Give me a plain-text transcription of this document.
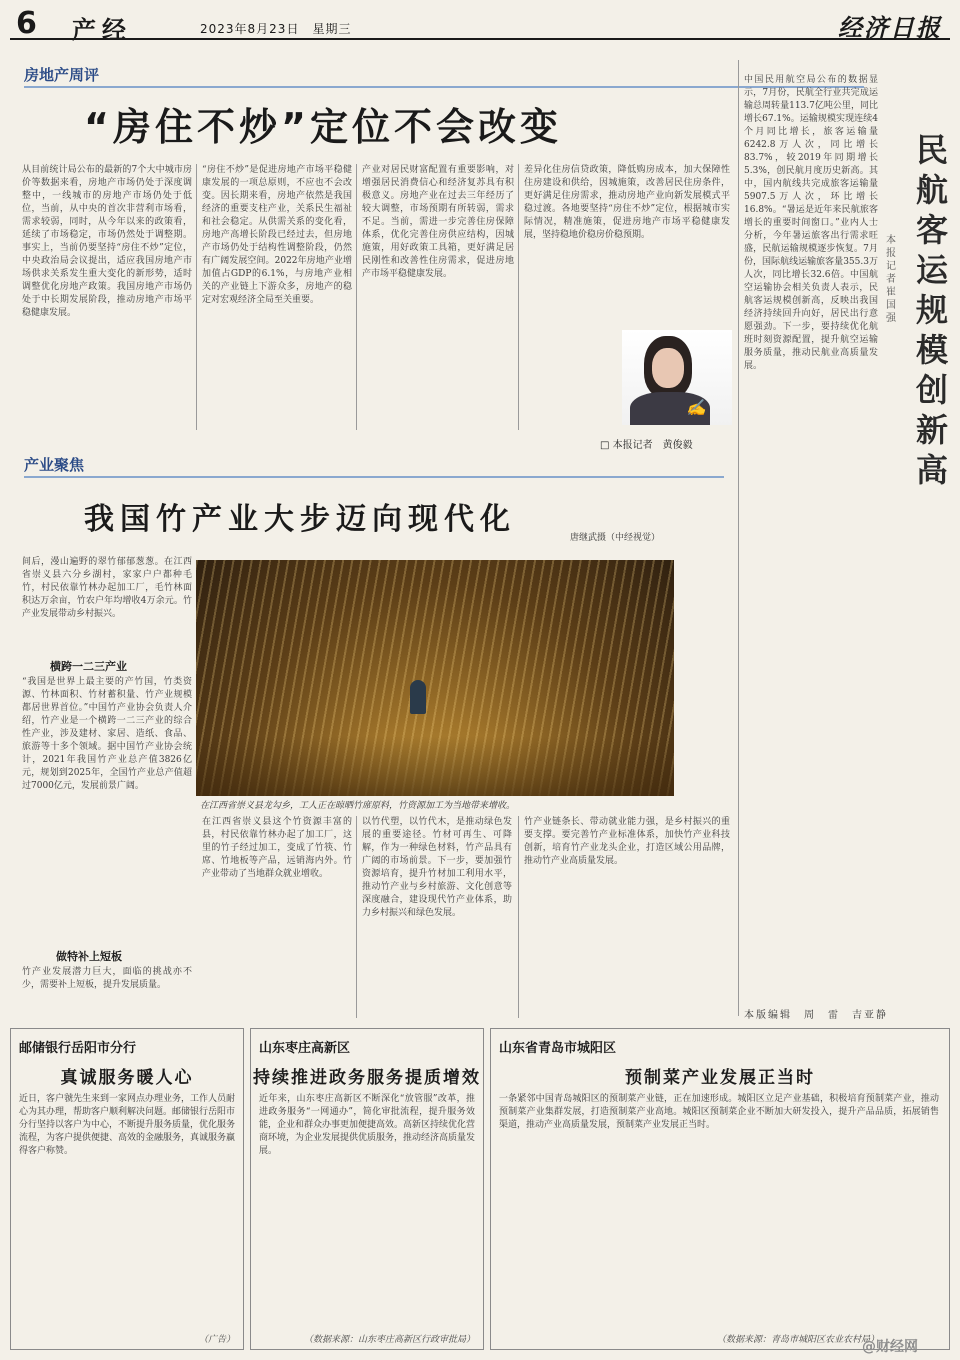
6 产经	2023年8月23日　星期三	经济日报
房地产周评
“房住不炒”定位不会改变
从目前统计局公布的最新的7个大中城市房价等数据来看，房地产市场仍处于深度调整中，一线城市的房地产市场仍处于低位，当前，从中央的首次非营利市场看，需求较弱，同时，从今年以来的政策看，延续了市场稳定，市场仍然处于调整期。事实上，当前仍要坚持“房住不炒”定位，中央政治局会议提出，适应我国房地产市场供求关系发生重大变化的新形势，适时调整优化房地产政策。我国房地产市场仍处于中长期发展阶段，推动房地产市场平稳健康发展。
“房住不炒”是促进房地产市场平稳健康发展的一项总原则，不应也不会改变。因长期来看，房地产依然是我国经济的重要支柱产业，关系民生福祉和社会稳定。从供需关系的变化看，房地产高增长阶段已经过去，但房地产市场仍处于结构性调整阶段，仍然有广阔发展空间。2022年房地产业增加值占GDP的6.1%，与房地产业相关的产业链上下游众多，房地产的稳定对宏观经济全局至关重要。
产业对居民财富配置有重要影响，对增强居民消费信心和经济复苏具有积极意义。房地产业在过去三年经历了较大调整，市场预期有所转弱，需求不足。当前，需进一步完善住房保障体系，优化完善住房供应结构，因城施策，用好政策工具箱，更好满足居民刚性和改善性住房需求，促进房地产市场平稳健康发展。
差异化住房信贷政策，降低购房成本，加大保障性住房建设和供给，因城施策，改善居民住房条件，更好满足住房需求，推动房地产业向新发展模式平稳过渡。各地要坚持“房住不炒”定位，根据城市实际情况，精准施策，促进房地产市场平稳健康发展，坚持稳地价稳房价稳预期。
✍
□ 本报记者　黄俊毅
产业聚焦
我国竹产业大步迈向现代化
唐继武摄（中经视觉）
间后，漫山遍野的翠竹郁郁葱葱。在江西省崇义县六分乡湖村，家家户户都种毛竹，村民依靠竹林办起加工厂，毛竹林面积达万余亩，竹农户年均增收4万余元。竹产业发展带动乡村振兴。
横跨一二三产业
“我国是世界上最主要的产竹国，竹类资源、竹林面积、竹材蓄积量、竹产业规模都居世界首位。”中国竹产业协会负责人介绍，竹产业是一个横跨一二三产业的综合性产业，涉及建材、家居、造纸、食品、旅游等十多个领域。据中国竹产业协会统计，2021年我国竹产业总产值3826亿元，规划到2025年，全国竹产业总产值超过7000亿元，发展前景广阔。
做特补上短板
竹产业发展潜力巨大，面临的挑战亦不少，需要补上短板，提升发展质量。
在江西省崇义县龙勾乡，工人正在晾晒竹席原料，竹资源加工为当地带来增收。
在江西省崇义县这个竹资源丰富的县，村民依靠竹林办起了加工厂，这里的竹子经过加工，变成了竹筷、竹席、竹地板等产品，远销海内外。竹产业带动了当地群众就业增收。
以竹代塑，以竹代木，是推动绿色发展的重要途径。竹材可再生、可降解，作为一种绿色材料，竹产品具有广阔的市场前景。下一步，要加强竹资源培育，提升竹材加工利用水平，推动竹产业与乡村旅游、文化创意等深度融合，建设现代竹产业体系，助力乡村振兴和绿色发展。
竹产业链条长、带动就业能力强，是乡村振兴的重要支撑。要完善竹产业标准体系，加快竹产业科技创新，培育竹产业龙头企业，打造区域公用品牌，推动竹产业高质量发展。
中国民用航空局公布的数据显示，7月份，民航全行业共完成运输总周转量113.7亿吨公里，同比增长67.1%。运输规模实现连续4个月同比增长，旅客运输量6242.8万人次，同比增长83.7%，较2019年同期增长5.3%，创民航月度历史新高。其中，国内航线共完成旅客运输量5907.5万人次，环比增长16.8%。“暑运是近年来民航旅客增长的重要时间窗口。”业内人士分析，今年暑运旅客出行需求旺盛，民航运输规模逐步恢复。7月份，国际航线运输旅客量355.3万人次，同比增长32.6倍。中国航空运输协会相关负责人表示，民航客运规模创新高，反映出我国经济持续回升向好，居民出行意愿强劲。下一步，要持续优化航班时刻资源配置，提升航空运输服务质量，推动民航业高质量发展。
民航客运规模创新高
本报记者　崔国强
本版编辑　周　雷　吉亚静
邮储银行岳阳市分行
真诚服务暖人心
近日，客户虢先生来到一家网点办理业务，工作人员耐心为其办理，帮助客户顺利解决问题。邮储银行岳阳市分行坚持以客户为中心，不断提升服务质量，优化服务流程，为客户提供便捷、高效的金融服务，真诚服务赢得客户称赞。
（广告）
山东枣庄高新区
持续推进政务服务提质增效
近年来，山东枣庄高新区不断深化“放管服”改革，推进政务服务“一网通办”，简化审批流程，提升服务效能，企业和群众办事更加便捷高效。高新区持续优化营商环境，为企业发展提供优质服务，推动经济高质量发展。
（数据来源：山东枣庄高新区行政审批局）
山东省青岛市城阳区
预制菜产业发展正当时
一条紧邻中国青岛城阳区的预制菜产业链，正在加速形成。城阳区立足产业基础，积极培育预制菜产业，推动预制菜产业集群发展，打造预制菜产业高地。城阳区预制菜企业不断加大研发投入，提升产品品质，拓展销售渠道，推动产业高质量发展，预制菜产业发展正当时。
（数据来源：青岛市城阳区农业农村局）
@财经网
